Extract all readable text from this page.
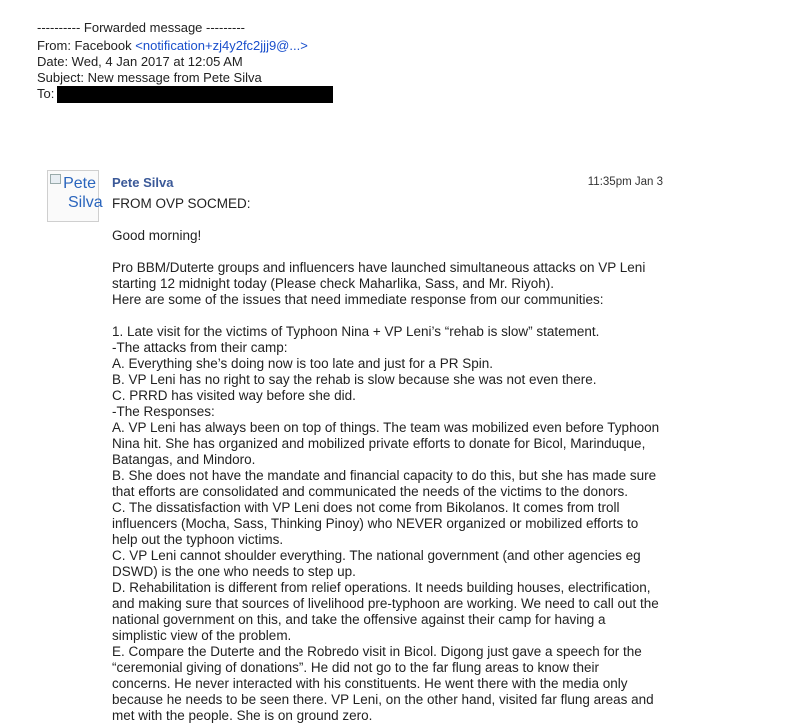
---------- Forwarded message ---------
From: Facebook <notification+zj4y2fc2jjj9@...>
Date: Wed, 4 Jan 2017 at 12:05 AM
Subject: New message from Pete Silva
To:
Pete
Silva
Pete Silva	11:35pm Jan 3

FROM OVP SOCMED:

Good morning!

Pro BBM/Duterte groups and influencers have launched simultaneous attacks on VP Leni
starting 12 midnight today (Please check Maharlika, Sass, and Mr. Riyoh).
Here are some of the issues that need immediate response from our communities:

1. Late visit for the victims of Typhoon Nina + VP Leni’s “rehab is slow” statement.
-The attacks from their camp:
A. Everything she’s doing now is too late and just for a PR Spin.
B. VP Leni has no right to say the rehab is slow because she was not even there.
C. PRRD has visited way before she did.
-The Responses:
A. VP Leni has always been on top of things. The team was mobilized even before Typhoon
Nina hit. She has organized and mobilized private efforts to donate for Bicol, Marinduque,
Batangas, and Mindoro.
B. She does not have the mandate and financial capacity to do this, but she has made sure
that efforts are consolidated and communicated the needs of the victims to the donors.
C. The dissatisfaction with VP Leni does not come from Bikolanos. It comes from troll
influencers (Mocha, Sass, Thinking Pinoy) who NEVER organized or mobilized efforts to
help out the typhoon victims.
C. VP Leni cannot shoulder everything. The national government (and other agencies eg
DSWD) is the one who needs to step up.
D. Rehabilitation is different from relief operations. It needs building houses, electrification,
and making sure that sources of livelihood pre-typhoon are working. We need to call out the
national government on this, and take the offensive against their camp for having a
simplistic view of the problem.
E. Compare the Duterte and the Robredo visit in Bicol. Digong just gave a speech for the
“ceremonial giving of donations”. He did not go to the far flung areas to know their
concerns. He never interacted with his constituents. He went there with the media only
because he needs to be seen there. VP Leni, on the other hand, visited far flung areas and
met with the people. She is on ground zero.
